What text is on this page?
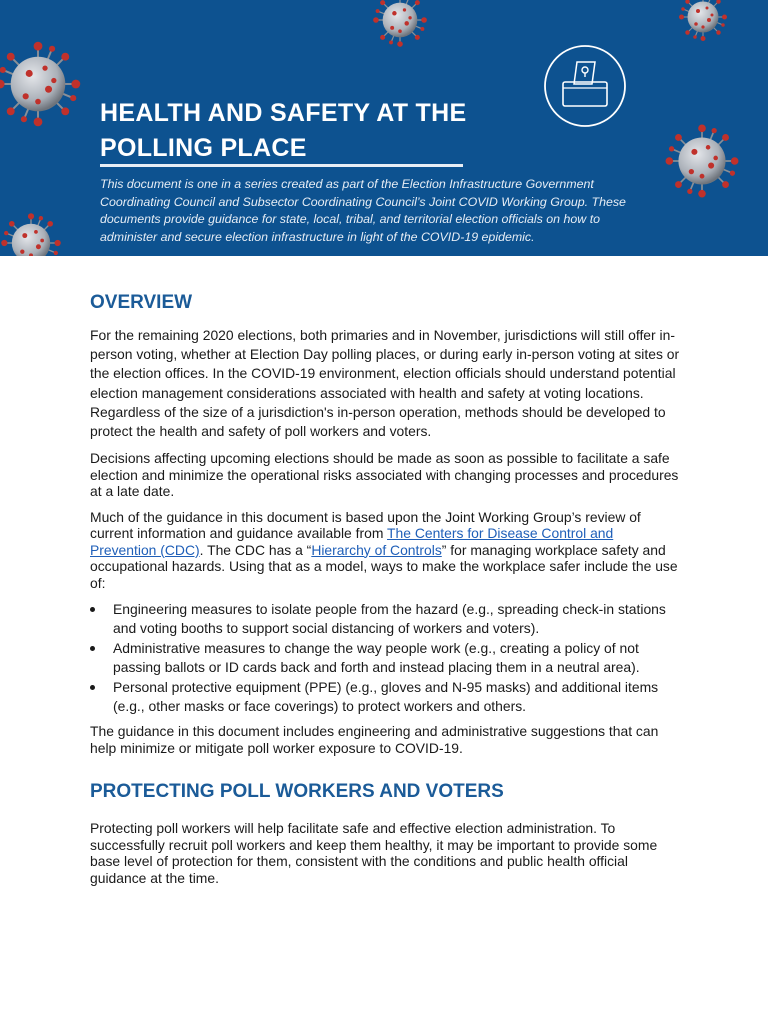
HEALTH AND SAFETY AT THE
POLLING PLACE

This document is one in a series created as part of the Election Infrastructure Government Coordinating Council and Subsector Coordinating Council’s Joint COVID Working Group. These documents provide guidance for state, local, tribal, and territorial election officials on how to administer and secure election infrastructure in light of the COVID-19 epidemic.

OVERVIEW

For the remaining 2020 elections, both primaries and in November, jurisdictions will still offer in-person voting, whether at Election Day polling places, or during early in-person voting at sites or the election offices. In the COVID-19 environment, election officials should understand potential election management considerations associated with health and safety at voting locations. Regardless of the size of a jurisdiction's in-person operation, methods should be developed to protect the health and safety of poll workers and voters.

Decisions affecting upcoming elections should be made as soon as possible to facilitate a safe election and minimize the operational risks associated with changing processes and procedures at a late date.

Much of the guidance in this document is based upon the Joint Working Group’s review of current information and guidance available from The Centers for Disease Control and Prevention (CDC). The CDC has a “Hierarchy of Controls” for managing workplace safety and occupational hazards. Using that as a model, ways to make the workplace safer include the use of:

Engineering measures to isolate people from the hazard (e.g., spreading check-in stations and voting booths to support social distancing of workers and voters).
Administrative measures to change the way people work (e.g., creating a policy of not passing ballots or ID cards back and forth and instead placing them in a neutral area).
Personal protective equipment (PPE) (e.g., gloves and N-95 masks) and additional items (e.g., other masks or face coverings) to protect workers and others.

The guidance in this document includes engineering and administrative suggestions that can help minimize or mitigate poll worker exposure to COVID-19.

PROTECTING POLL WORKERS AND VOTERS

Protecting poll workers will help facilitate safe and effective election administration. To successfully recruit poll workers and keep them healthy, it may be important to provide some base level of protection for them, consistent with the conditions and public health official guidance at the time.
